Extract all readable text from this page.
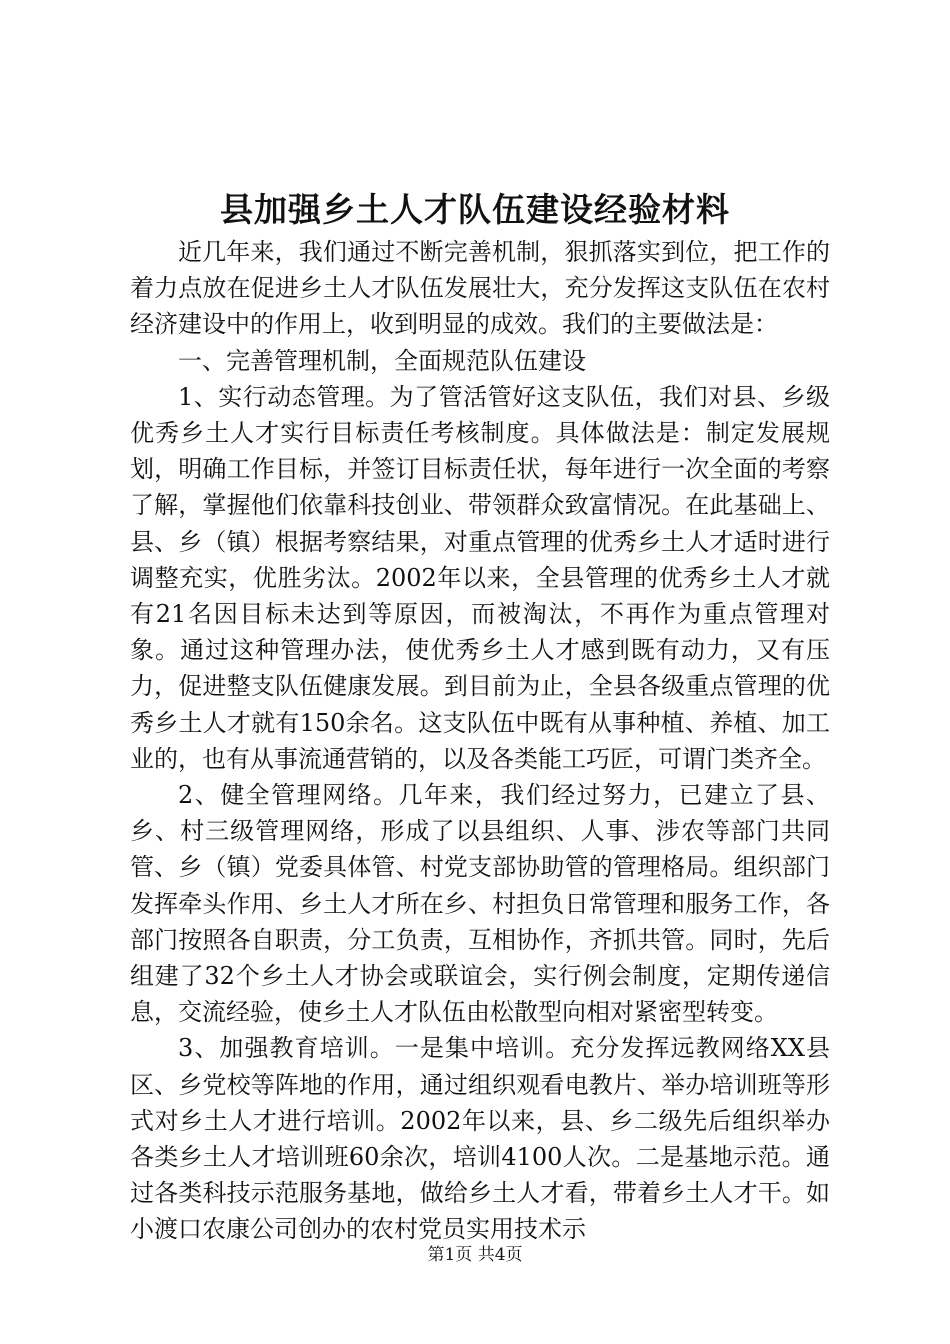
县加强乡土人才队伍建设经验材料

近几年来，我们通过不断完善机制，狠抓落实到位，把工作的着力点放在促进乡土人才队伍发展壮大，充分发挥这支队伍在农村经济建设中的作用上，收到明显的成效。我们的主要做法是：

一、完善管理机制，全面规范队伍建设

1、实行动态管理。为了管活管好这支队伍，我们对县、乡级优秀乡土人才实行目标责任考核制度。具体做法是：制定发展规划，明确工作目标，并签订目标责任状，每年进行一次全面的考察了解，掌握他们依靠科技创业、带领群众致富情况。在此基础上、县、乡（镇）根据考察结果，对重点管理的优秀乡土人才适时进行调整充实，优胜劣汰。2002年以来，全县管理的优秀乡土人才就有21名因目标未达到等原因，而被淘汰，不再作为重点管理对象。通过这种管理办法，使优秀乡土人才感到既有动力，又有压力，促进整支队伍健康发展。到目前为止，全县各级重点管理的优秀乡土人才就有150余名。这支队伍中既有从事种植、养植、加工业的，也有从事流通营销的，以及各类能工巧匠，可谓门类齐全。

2、健全管理网络。几年来，我们经过努力，已建立了县、乡、村三级管理网络，形成了以县组织、人事、涉农等部门共同管、乡（镇）党委具体管、村党支部协助管的管理格局。组织部门发挥牵头作用、乡土人才所在乡、村担负日常管理和服务工作，各部门按照各自职责，分工负责，互相协作，齐抓共管。同时，先后组建了32个乡土人才协会或联谊会，实行例会制度，定期传递信息，交流经验，使乡土人才队伍由松散型向相对紧密型转变。

3、加强教育培训。一是集中培训。充分发挥远教网络XX县区、乡党校等阵地的作用，通过组织观看电教片、举办培训班等形式对乡土人才进行培训。2002年以来，县、乡二级先后组织举办各类乡土人才培训班60余次，培训4100人次。二是基地示范。通过各类科技示范服务基地，做给乡土人才看，带着乡土人才干。如小渡口农康公司创办的农村党员实用技术示

第1页 共4页
